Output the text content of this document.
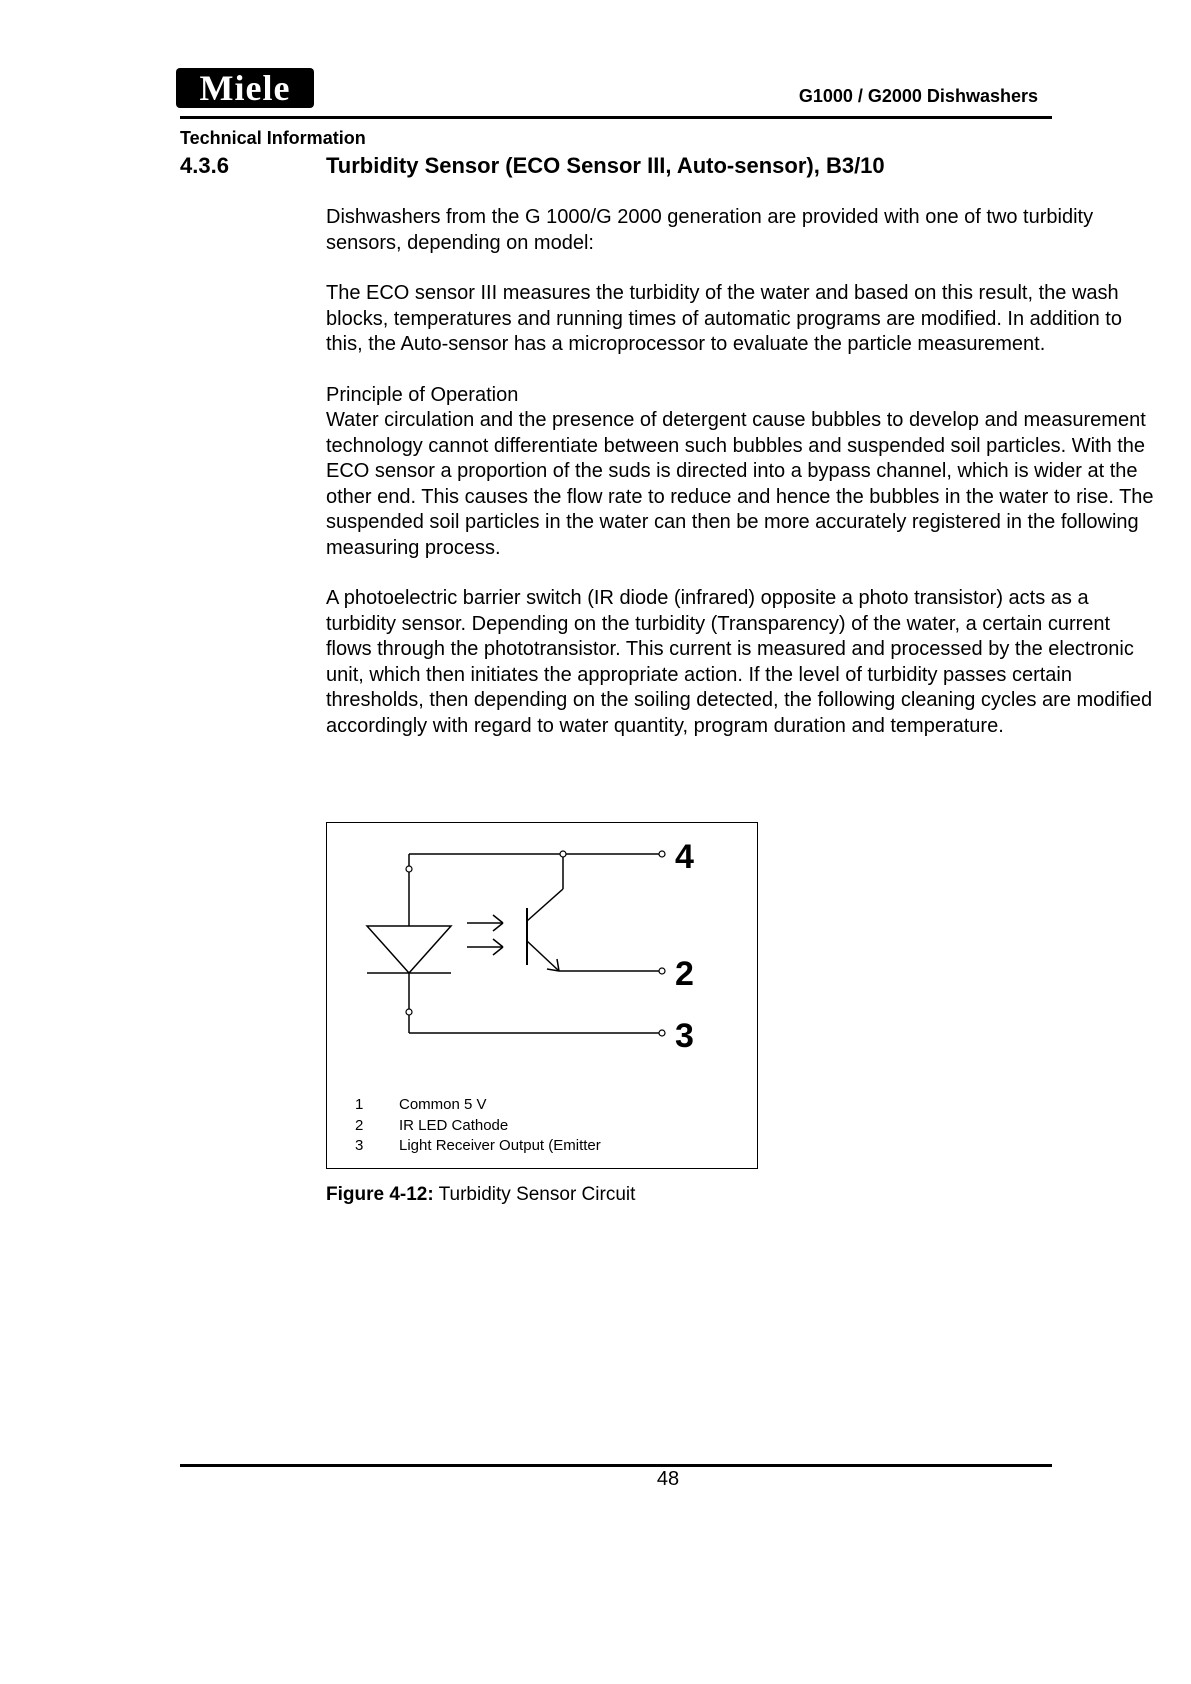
Miele	G1000 / G2000 Dishwashers
Technical Information
4.3.6	Turbidity Sensor (ECO Sensor III, Auto-sensor), B3/10

Dishwashers from the G 1000/G 2000 generation are provided with one of two turbidity sensors, depending on model:

The ECO sensor III measures the turbidity of the water and based on this result, the wash blocks, temperatures and running times of automatic programs are modified. In addition to this, the Auto-sensor has a microprocessor to evaluate the particle measurement.

Principle of Operation

Water circulation and the presence of detergent cause bubbles to develop and measurement technology cannot differentiate between such bubbles and suspended soil particles. With the ECO sensor a proportion of the suds is directed into a bypass channel, which is wider at the other end. This causes the flow rate to reduce and hence the bubbles in the water to rise. The suspended soil particles in the water can then be more accurately registered in the following measuring process.

A photoelectric barrier switch (IR diode (infrared) opposite a photo transistor) acts as a turbidity sensor. Depending on the turbidity (Transparency) of the water, a certain current flows through the phototransistor. This current is measured and processed by the electronic unit, which then initiates the appropriate action. If the level of turbidity passes certain thresholds, then depending on the soiling detected, the following cleaning cycles are modified accordingly with regard to water quantity, program duration and temperature.

4
2
3
1	Common 5 V
2	IR LED Cathode
3	Light Receiver Output (Emitter
Figure 4-12: Turbidity Sensor Circuit
48
